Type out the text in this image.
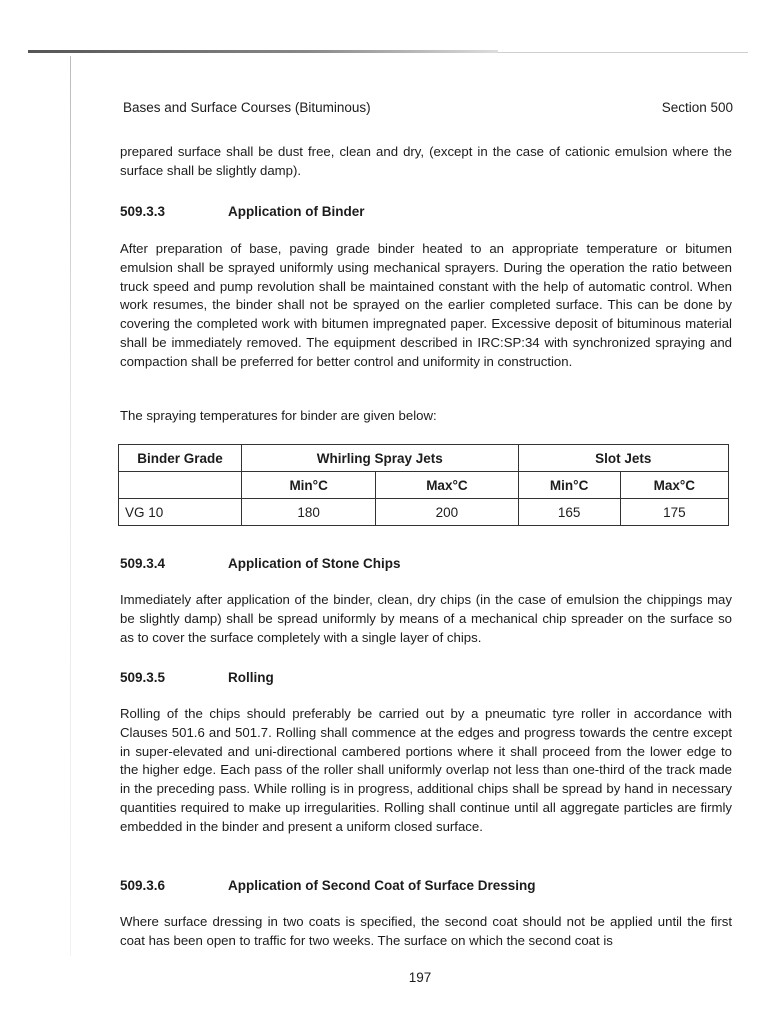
Bases and Surface Courses (Bituminous)	Section 500

prepared surface shall be dust free, clean and dry, (except in the case of cationic emulsion where the surface shall be slightly damp).

509.3.3	Application of Binder

After preparation of base, paving grade binder heated to an appropriate temperature or bitumen emulsion shall be sprayed uniformly using mechanical sprayers. During the operation the ratio between truck speed and pump revolution shall be maintained constant with the help of automatic control. When work resumes, the binder shall not be sprayed on the earlier completed surface. This can be done by covering the completed work with bitumen impregnated paper. Excessive deposit of bituminous material shall be immediately removed. The equipment described in IRC:SP:34 with synchronized spraying and compaction shall be preferred for better control and uniformity in construction.

The spraying temperatures for binder are given below:

Binder Grade	Whirling Spray Jets		Slot Jets	
	Min°C	Max°C	Min°C	Max°C
VG 10	180	200	165	175
509.3.4	Application of Stone Chips

Immediately after application of the binder, clean, dry chips (in the case of emulsion the chippings may be slightly damp) shall be spread uniformly by means of a mechanical chip spreader on the surface so as to cover the surface completely with a single layer of chips.

509.3.5	Rolling

Rolling of the chips should preferably be carried out by a pneumatic tyre roller in accordance with Clauses 501.6 and 501.7. Rolling shall commence at the edges and progress towards the centre except in super-elevated and uni-directional cambered portions where it shall proceed from the lower edge to the higher edge. Each pass of the roller shall uniformly overlap not less than one-third of the track made in the preceding pass. While rolling is in progress, additional chips shall be spread by hand in necessary quantities required to make up irregularities. Rolling shall continue until all aggregate particles are firmly embedded in the binder and present a uniform closed surface.

509.3.6	Application of Second Coat of Surface Dressing

Where surface dressing in two coats is specified, the second coat should not be applied until the first coat has been open to traffic for two weeks. The surface on which the second coat is

197
